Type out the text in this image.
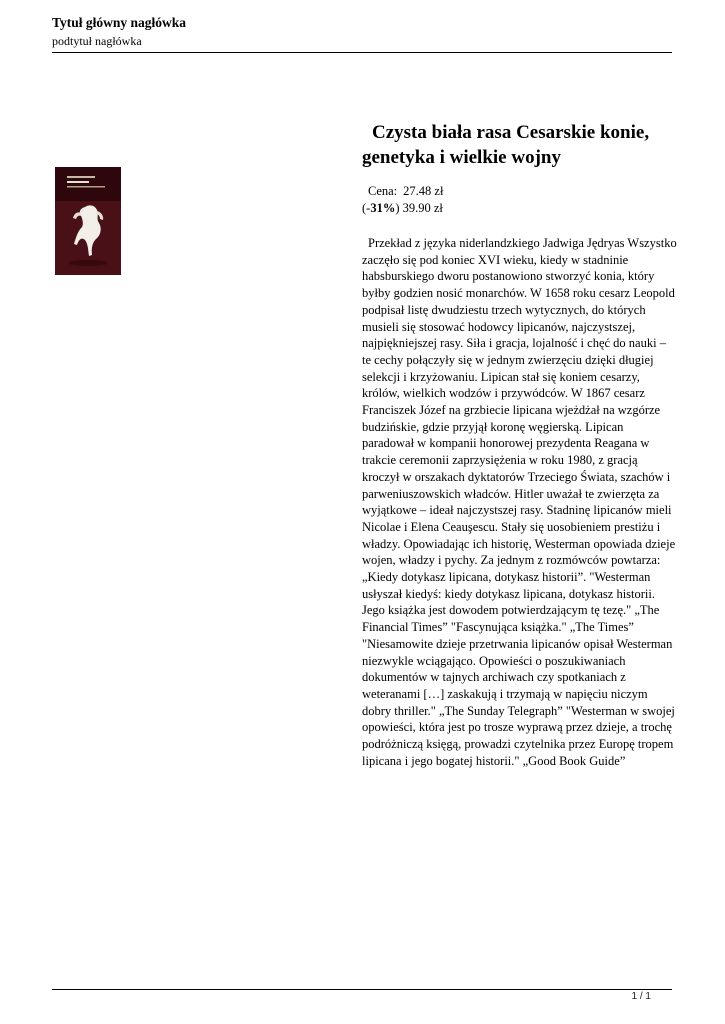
Tytuł główny nagłówka

podtytuł nagłówka

Czysta biała rasa Cesarskie konie, genetyka i wielkie wojny

Cena: 27.48 zł

(-31%) 39.90 zł

Przekład z języka niderlandzkiego Jadwiga Jędryas Wszystko zaczęło się pod koniec XVI wieku, kiedy w stadninie habsburskiego dworu postanowiono stworzyć konia, który byłby godzien nosić monarchów. W 1658 roku cesarz Leopold podpisał listę dwudziestu trzech wytycznych, do których musieli się stosować hodowcy lipicanów, najczystszej, najpiękniejszej rasy. Siła i gracja, lojalność i chęć do nauki – te cechy połączyły się w jednym zwierzęciu dzięki długiej selekcji i krzyżowaniu. Lipican stał się koniem cesarzy, królów, wielkich wodzów i przywódców. W 1867 cesarz Franciszek Józef na grzbiecie lipicana wjeżdżał na wzgórze budzińskie, gdzie przyjął koronę węgierską. Lipican paradował w kompanii honorowej prezydenta Reagana w trakcie ceremonii zaprzysiężenia w roku 1980, z gracją kroczył w orszakach dyktatorów Trzeciego Świata, szachów i parweniuszowskich władców. Hitler uważał te zwierzęta za wyjątkowe – ideał najczystszej rasy. Stadninę lipicanów mieli Nicolae i Elena Ceauşescu. Stały się uosobieniem prestiżu i władzy. Opowiadając ich historię, Westerman opowiada dzieje wojen, władzy i pychy. Za jednym z rozmówców powtarza: „Kiedy dotykasz lipicana, dotykasz historii”. "Westerman usłyszał kiedyś: kiedy dotykasz lipicana, dotykasz historii. Jego książka jest dowodem potwierdzającym tę tezę." „The Financial Times” "Fascynująca książka." „The Times” "Niesamowite dzieje przetrwania lipicanów opisał Westerman niezwykle wciągająco. Opowieści o poszukiwaniach dokumentów w tajnych archiwach czy spotkaniach z weteranami […] zaskakują i trzymają w napięciu niczym dobry thriller." „The Sunday Telegraph” "Westerman w swojej opowieści, która jest po trosze wyprawą przez dzieje, a trochę podróżniczą księgą, prowadzi czytelnika przez Europę tropem lipicana i jego bogatej historii." „Good Book Guide”

1 / 1
